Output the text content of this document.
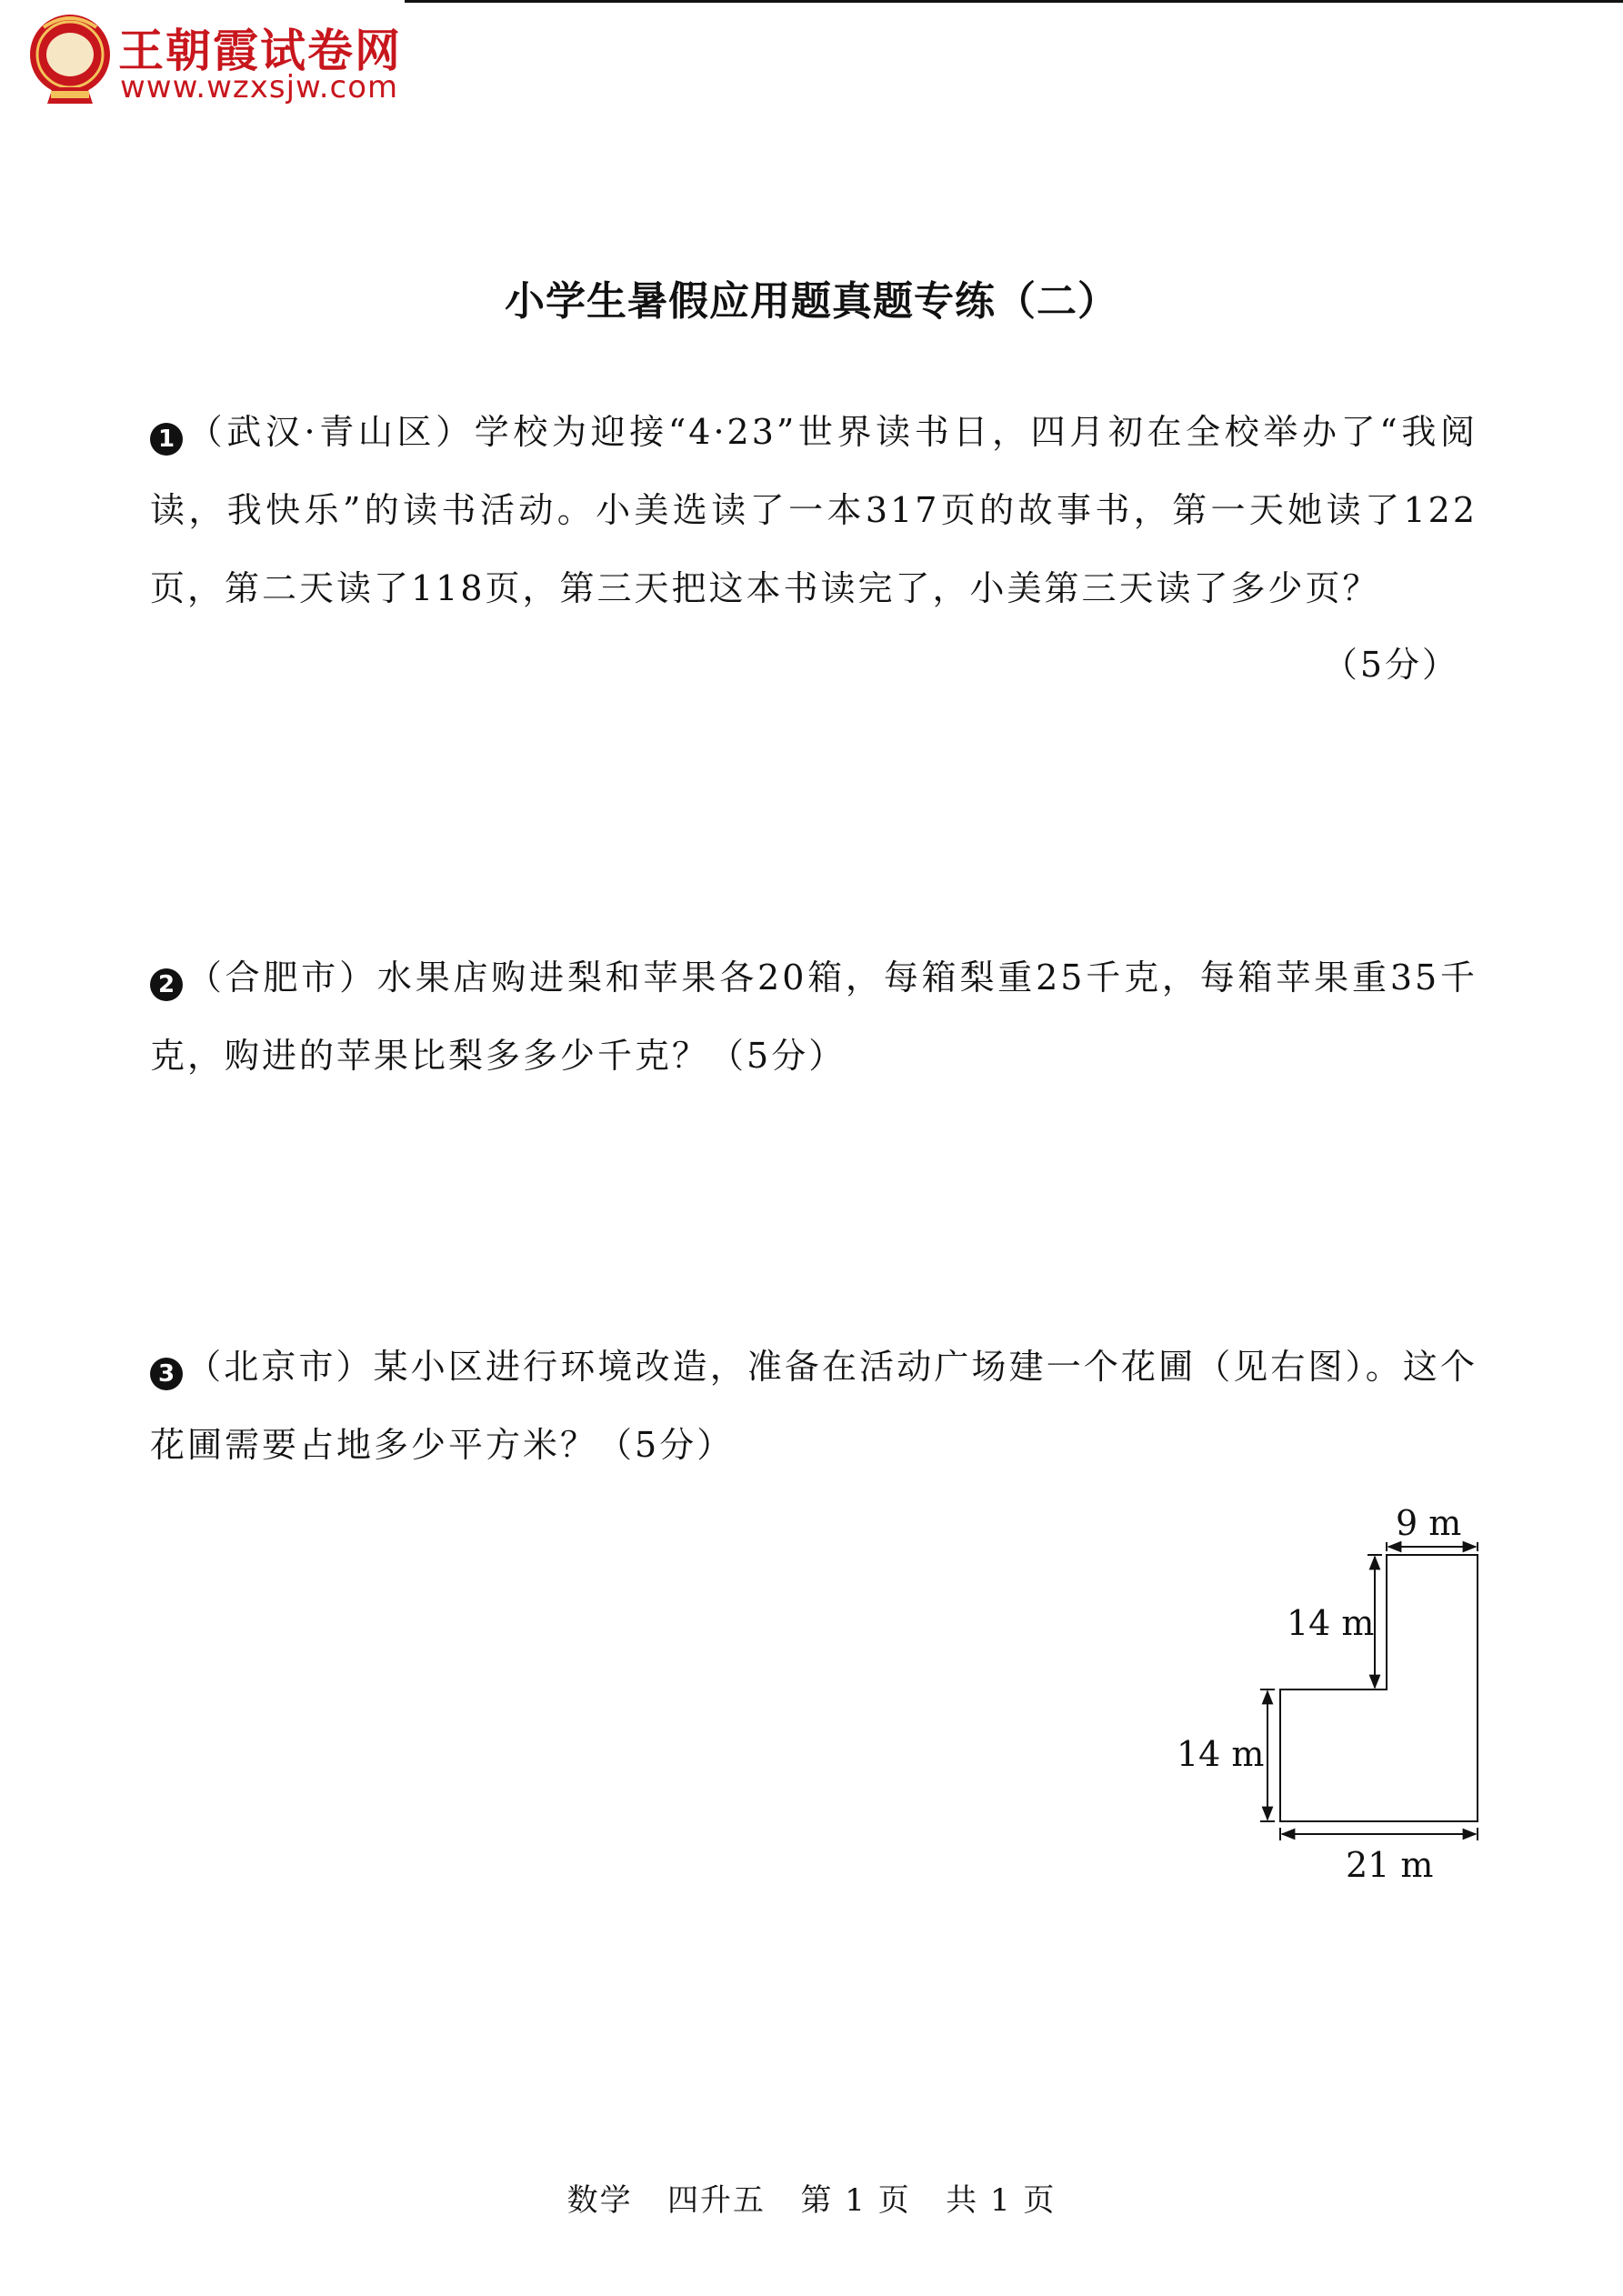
王朝霞试卷网
www.wzxsjw.com
小学生暑假应用题真题专练（二）
1 （武汉·青山区）学校为迎接“4·23”世界读书日，四月初在全校举办了“我阅读，我快乐”的读书活动。小美选读了一本317页的故事书，第一天她读了122页，第二天读了118页，第三天把这本书读完了，小美第三天读了多少页？
（5分）
2 （合肥市）水果店购进梨和苹果各20箱，每箱梨重25千克，每箱苹果重35千克，购进的苹果比梨多多少千克？（5分）
3 （北京市）某小区进行环境改造，准备在活动广场建一个花圃（见右图）。这个花圃需要占地多少平方米？（5分）
9 m
14 m
14 m
21 m
数学 四升五 第 1 页 共 1 页
